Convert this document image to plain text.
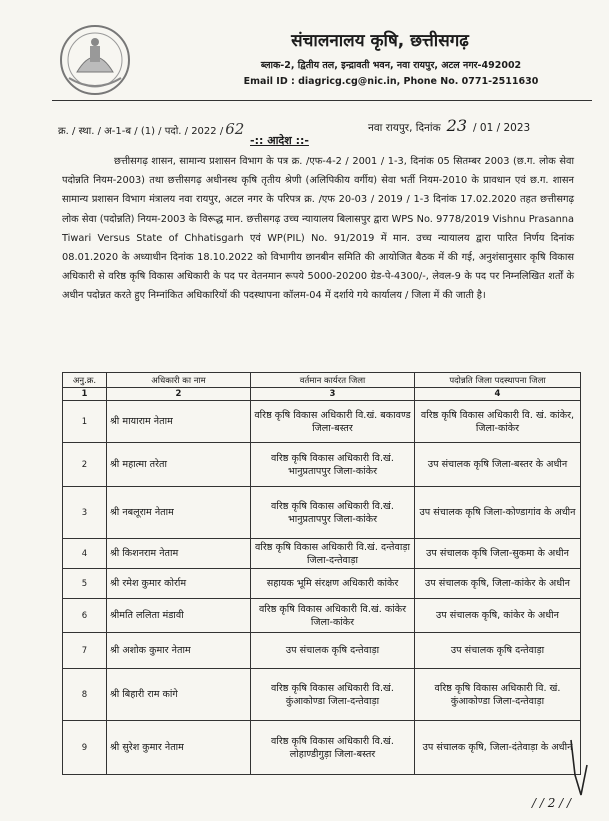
संचालनालय कृषि, छत्तीसगढ़
ब्लाक-2, द्वितीय तल, इन्द्रावती भवन, नवा रायपुर, अटल नगर-492002
Email ID : diagricg.cg@nic.in, Phone No. 0771-2511630
क्र. / स्था. / अ-1-ब / (1) / पदो. / 2022 / 62	नवा रायपुर, दिनांक 23 / 01 / 2023
-:: आदेश ::-
छत्तीसगढ़ शासन, सामान्य प्रशासन विभाग के पत्र क्र. /एफ-4-2 / 2001 / 1-3, दिनांक 05 सितम्बर 2003 (छ.ग. लोक सेवा पदोन्नति नियम-2003) तथा छत्तीसगढ़ अधीनस्थ कृषि तृतीय श्रेणी (अलिपिकीय वर्गीय) सेवा भर्ती नियम-2010 के प्रावधान एवं छ.ग. शासन सामान्य प्रशासन विभाग मंत्रालय नवा रायपुर, अटल नगर के परिपत्र क्र. /एफ 20-03 / 2019 / 1-3 दिनांक 17.02.2020 तहत छत्तीसगढ़ लोक सेवा (पदोन्नति) नियम-2003 के विरूद्ध मान. छत्तीसगढ़ उच्च न्यायालय बिलासपुर द्वारा WPS No. 9778/2019 Vishnu Prasanna Tiwari Versus State of Chhatisgarh एवं WP(PIL) No. 91/2019 में मान. उच्च न्यायालय द्वारा पारित निर्णय दिनांक 08.01.2020 के अध्याधीन दिनांक 18.10.2022 को विभागीय छानबीन समिति की आयोजित बैठक में की गई, अनुशंसानुसार कृषि विकास अधिकारी से वरिष्ठ कृषि विकास अधिकारी के पद पर वेतनमान रूपये 5000-20200 ग्रेड-पे-4300/-, लेवल-9 के पद पर निम्नलिखित शर्तों के अधीन पदोन्नत करते हुए निम्नांकित अधिकारियों की पदस्थापना कॉलम-04 में दर्शाये गये कार्यालय / जिला में की जाती है।
अनु.क्र.	अधिकारी का नाम	वर्तमान कार्यरत जिला	पदोन्नति जिला पदस्थापना जिला
1	2	3	4
1	श्री मायाराम नेताम	वरिष्ठ कृषि विकास अधिकारी वि.खं. बकावण्ड जिला-बस्तर	वरिष्ठ कृषि विकास अधिकारी वि. खं. कांकेर, जिला-कांकेर
2	श्री महात्मा तरेता	वरिष्ठ कृषि विकास अधिकारी वि.खं. भानुप्रतापपुर जिला-कांकेर	उप संचालक कृषि जिला-बस्तर के अधीन
3	श्री नबलूराम नेताम	वरिष्ठ कृषि विकास अधिकारी वि.खं. भानुप्रतापपुर जिला-कांकेर	उप संचालक कृषि जिला-कोण्डागांव के अधीन
4	श्री किशनराम नेताम	वरिष्ठ कृषि विकास अधिकारी वि.खं. दन्तेवाड़ा जिला-दन्तेवाड़ा	उप संचालक कृषि जिला-सुकमा के अधीन
5	श्री रमेश कुमार कोर्राम	सहायक भूमि संरक्षण अधिकारी कांकेर	उप संचालक कृषि, जिला-कांकेर के अधीन
6	श्रीमति ललिता मंडावी	वरिष्ठ कृषि विकास अधिकारी वि.खं. कांकेर जिला-कांकेर	उप संचालक कृषि, कांकेर के अधीन
7	श्री अशोक कुमार नेताम	उप संचालक कृषि दन्तेवाड़ा	उप संचालक कृषि दन्तेवाड़ा
8	श्री बिहारी राम कांगे	वरिष्ठ कृषि विकास अधिकारी वि.खं. कुंआकोण्डा जिला-दन्तेवाड़ा	वरिष्ठ कृषि विकास अधिकारी वि. खं. कुंआकोण्डा जिला-दन्तेवाड़ा
9	श्री सुरेश कुमार नेताम	वरिष्ठ कृषि विकास अधिकारी वि.खं. लोहाण्डीगुड़ा जिला-बस्तर	उप संचालक कृषि, जिला-दंतेवाड़ा के अधीन
/ / 2 / /
